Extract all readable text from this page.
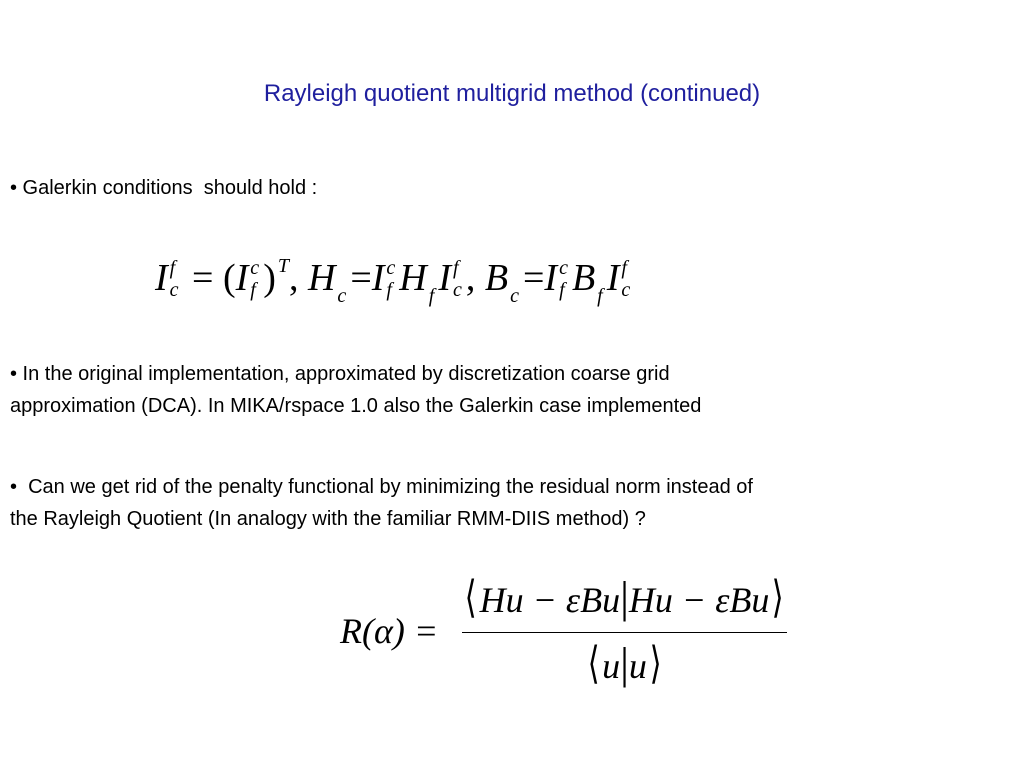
Rayleigh quotient multigrid method (continued)
• Galerkin conditions  should hold :
I f
c = (I c
f ) $^T$, H $_c$ =I c
f H $_f$ I f
c , B $_c$ =I c
f B $_f$ I f
c
• In the original implementation, approximated by discretization coarse grid
approximation (DCA). In MIKA/rspace 1.0 also the Galerkin case implemented
•  Can we get rid of the penalty functional by minimizing the residual norm instead of
the Rayleigh Quotient (In analogy with the familiar RMM-DIIS method) ?
R(α) =
⟨Hu − εBu|Hu − εBu⟩
⟨u|u⟩
